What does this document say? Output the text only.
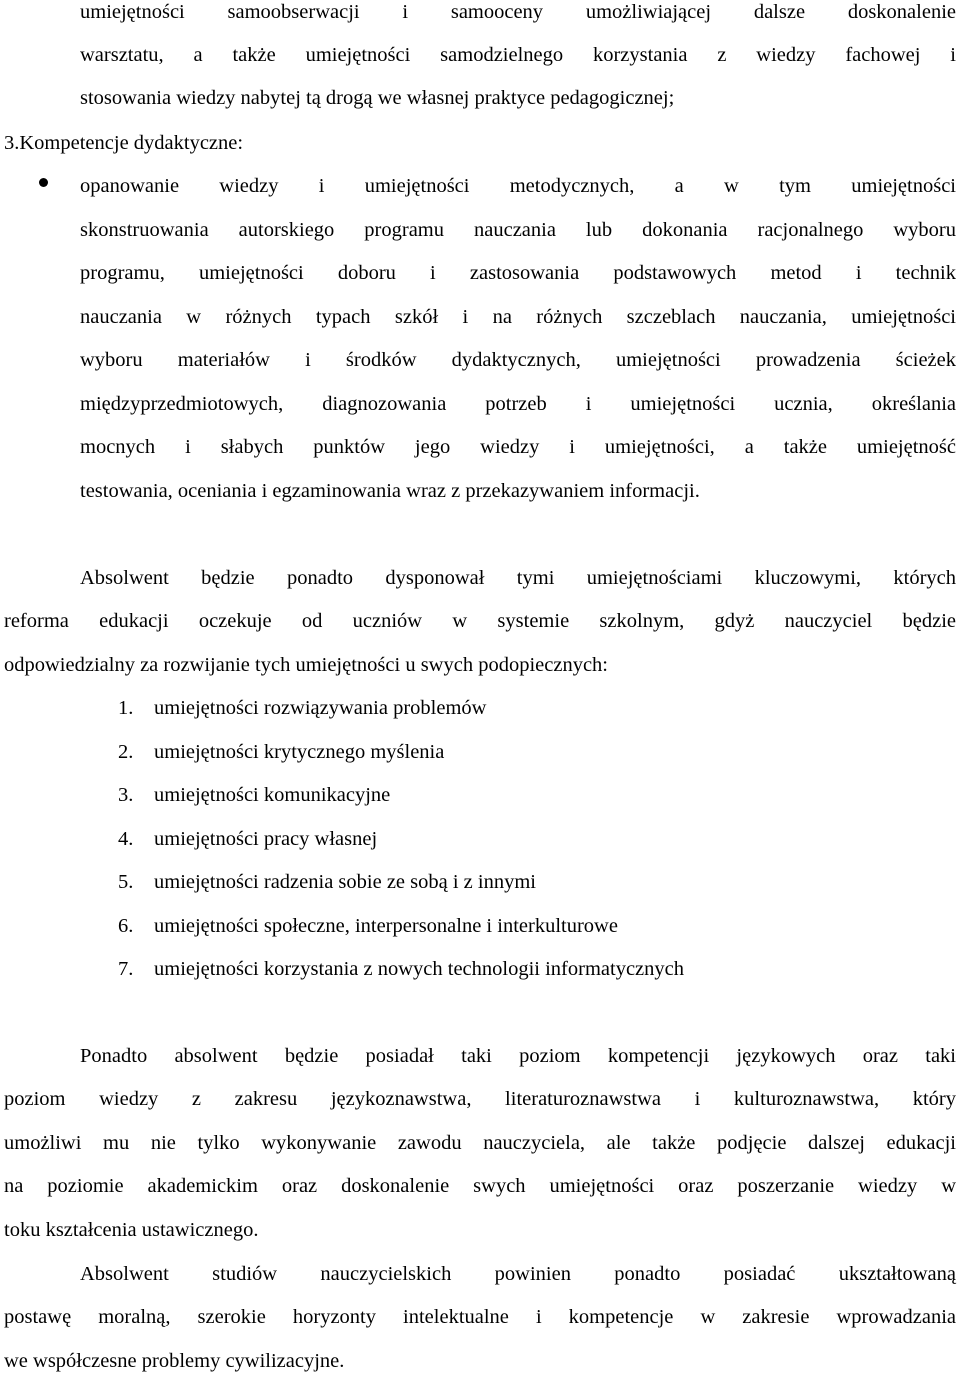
umiejętności samoobserwacji i samooceny umożliwiającej dalsze doskonalenie
warsztatu, a także umiejętności samodzielnego korzystania z wiedzy fachowej i
stosowania wiedzy nabytej tą drogą we własnej praktyce pedagogicznej;
3.Kompetencje dydaktyczne:
opanowanie wiedzy i umiejętności metodycznych, a w tym umiejętności
skonstruowania autorskiego programu nauczania lub dokonania racjonalnego wyboru
programu, umiejętności doboru i zastosowania podstawowych metod i technik
nauczania w różnych typach szkół i na różnych szczeblach nauczania, umiejętności
wyboru materiałów i środków dydaktycznych, umiejętności prowadzenia ścieżek
międzyprzedmiotowych, diagnozowania potrzeb i umiejętności ucznia, określania
mocnych i słabych punktów jego wiedzy i umiejętności, a także umiejętność
testowania, oceniania i egzaminowania wraz z przekazywaniem informacji.
Absolwent będzie ponadto dysponował tymi umiejętnościami kluczowymi, których
reforma edukacji oczekuje od uczniów w systemie szkolnym, gdyż nauczyciel będzie
odpowiedzialny za rozwijanie tych umiejętności u swych podopiecznych:
1. umiejętności rozwiązywania problemów
2. umiejętności krytycznego myślenia
3. umiejętności komunikacyjne
4. umiejętności pracy własnej
5. umiejętności radzenia sobie ze sobą i z innymi
6. umiejętności społeczne, interpersonalne i interkulturowe
7. umiejętności korzystania z nowych technologii informatycznych
Ponadto absolwent będzie posiadał taki poziom kompetencji językowych oraz taki
poziom wiedzy z zakresu językoznawstwa, literaturoznawstwa i kulturoznawstwa, który
umożliwi mu nie tylko wykonywanie zawodu nauczyciela, ale także podjęcie dalszej edukacji
na poziomie akademickim oraz doskonalenie swych umiejętności oraz poszerzanie wiedzy w
toku kształcenia ustawicznego.
Absolwent studiów nauczycielskich powinien ponadto posiadać ukształtowaną
postawę moralną, szerokie horyzonty intelektualne i kompetencje w zakresie wprowadzania
we współczesne problemy cywilizacyjne.
